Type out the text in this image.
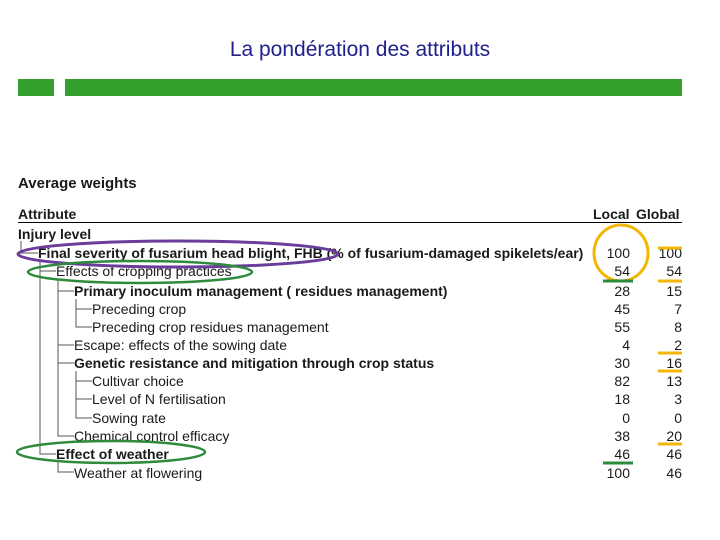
La pondération des attributs
Average weights
Attribute	Local Global
Injury level
Final severity of fusarium head blight, FHB (% of fusarium-damaged spikelets/ear)	100	100
Effects of cropping practices	54	54
Primary inoculum management ( residues management)	28	15
Preceding crop	45	7
Preceding crop residues management	55	8
Escape: effects of the sowing date	4	2
Genetic resistance and mitigation through crop status	30	16
Cultivar choice	82	13
Level of N fertilisation	18	3
Sowing rate	0	0
Chemical control efficacy	38	20
Effect of weather	46	46
Weather at flowering	100	46
